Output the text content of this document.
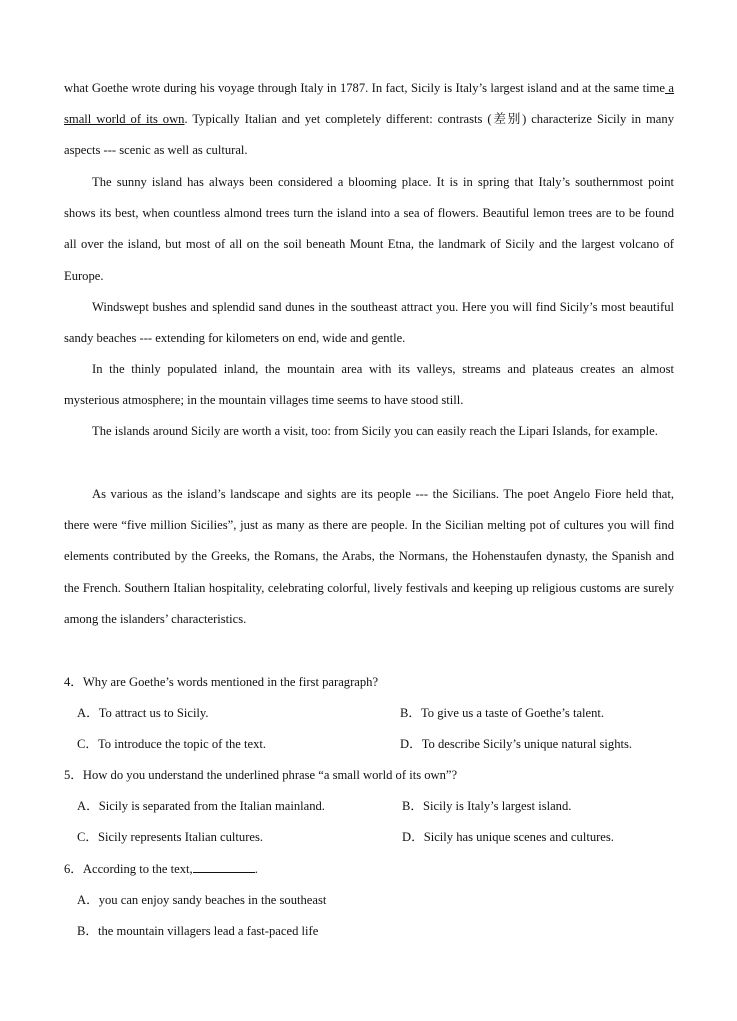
what Goethe wrote during his voyage through Italy in 1787. In fact, Sicily is Italy’s largest island and at the same time a small world of its own. Typically Italian and yet completely different: contrasts (差别) characterize Sicily in many aspects --- scenic as well as cultural.

The sunny island has always been considered a blooming place. It is in spring that Italy’s southernmost point shows its best, when countless almond trees turn the island into a sea of flowers. Beautiful lemon trees are to be found all over the island, but most of all on the soil beneath Mount Etna, the landmark of Sicily and the largest volcano of Europe.

Windswept bushes and splendid sand dunes in the southeast attract you. Here you will find Sicily’s most beautiful sandy beaches --- extending for kilometers on end, wide and gentle.

In the thinly populated inland, the mountain area with its valleys, streams and plateaus creates an almost mysterious atmosphere; in the mountain villages time seems to have stood still.

The islands around Sicily are worth a visit, too: from Sicily you can easily reach the Lipari Islands, for example.

As various as the island’s landscape and sights are its people --- the Sicilians. The poet Angelo Fiore held that, there were “five million Sicilies”, just as many as there are people. In the Sicilian melting pot of cultures you will find elements contributed by the Greeks, the Romans, the Arabs, the Normans, the Hohenstaufen dynasty, the Spanish and the French. Southern Italian hospitality, celebrating colorful, lively festivals and keeping up religious customs are surely among the islanders’ characteristics.

4．Why are Goethe’s words mentioned in the first paragraph?

A．To attract us to Sicily.	B．To give us a taste of Goethe’s talent.

C．To introduce the topic of the text.	D．To describe Sicily’s unique natural sights.

5．How do you understand the underlined phrase “a small world of its own”?

A．Sicily is separated from the Italian mainland.	B．Sicily is Italy’s largest island.

C．Sicily represents Italian cultures.	D．Sicily has unique scenes and cultures.

6．According to the text,	.

A．you can enjoy sandy beaches in the southeast

B．the mountain villagers lead a fast-paced life
